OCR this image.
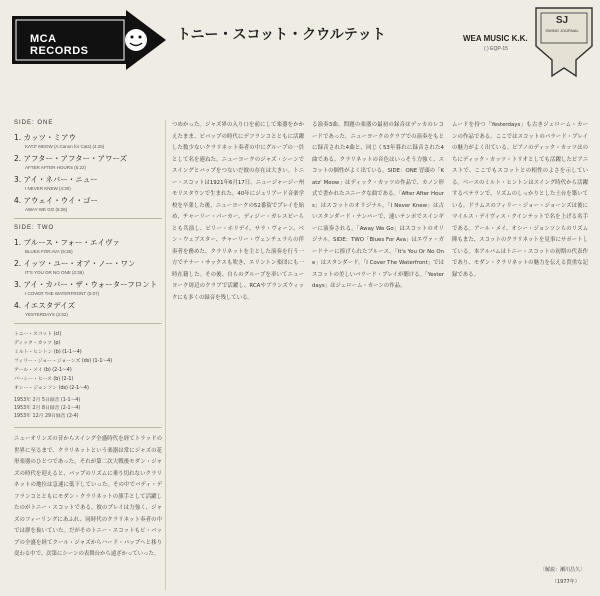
MCA RECORDS
トニー・スコット・クウルテット	WEA MUSIC K.K.
( ) EQP-15
SJ
SWING JOURNAL
SIDE: ONE
1. カッツ・ミアウ
KATZ' MEOW (A Canon for Cats) (4:25)
2. アフター・アフター・アワーズ
AFTER AFTER HOURS (5:22)
3. アイ・ネバー・ニュー
I NEVER KNEW (4:30)
4. アウェイ・ウイ・ゴー
AWAY WE GO (6:26)
SIDE: TWO
1. ブルース・フォー・エイヴァ
BLUES FOR AVA (5:35)
2. イッツ・ユー・オア・ノー・ワン
IT'S YOU OR NO ONE (2:36)
3. アイ・カバー・ザ・ウォーターフロント
I COVER THE WATERFRONT (5:07)
4. イエスタデイズ
YESTERDAYS (2:52)
トニー・スコット (cl)
ディック・カッツ (p)
ミルト・ヒントン (b) (1-1〜4)
フィリー・ジョー・ジョーンズ (ds) (1-1〜4)
アール・メイ (b) (2-1〜4)
バーシー・ヒース (b) (2-1)
オシー・ジョンソン (ds) (2-1〜4)
1953年 2月 5日録音 (1-1〜4)
1953年 2月 8日録音 (2-1〜4)
1953年 12月 29日録音 (2-4)
ニューオリンズの昔からスイング全盛時代を経てトラッドの世界に至るまで、クラリネットという楽器は常にジャズの花形楽器のひとつであった。それが第二次大戦後モダン・ジャズの時代を迎えると、バップのリズムに乗り切れないクラリネットの地位は急速に低下していった。その中でバディ・デフランコとともにモダン・クラリネットの旗手として活躍したのがトニー・スコットである。彼のプレイは力強く、ジャズのフィーリングにあふれ、同時代のクラリネット奏者の中では群を抜いていた。だがそのトニー・スコットもビ・バップの全盛を経てクール・ジャズからハード・バップへと移り変わる中で、次第にシーンの表舞台から遠ざかっていった。
つめかった。ジャズ界の入り口を前にして楽器をかかえたまま、ビバップの時代にデフランコとともに活躍した数少ないクラリネット奏者の中にグループの一員として名を連ねた。ニューヨークのジャズ・シーンでスイングとバップをつないだ彼の存在は大きい。トニー・スコットは1921年6月17日、ニュージャージー州モリスタウンで生まれた。40年にジュリアード音楽学校を卒業した後、ニューヨークの52番街でプレイを始め、チャーリー・パーカー、ディジー・ガレスピーらとも共演し、ビリー・ホリデイ、サラ・ヴォーン、ベン・ウェブスター、チャーリー・ヴェンチュラらの伴奏者を務めた。クラリネットを主とした演奏を行う一方でテナー・サックスも吹き、エリントン楽団にも一時在籍した。その後、自らのグループを率いてニューヨーク周辺のクラブで活躍し、RCAやブランズウィックにも多くの録音を残している。
る演奏3曲。問題の楽器の最初の録音はデッカのレコードであった。ニューヨークのクラブでの演奏をもとに録音された4曲と、同じく53年暮れに録音された4曲である。クラリネットの音色はいっそう力強く、スコットの個性がよく出ている。SIDE：ONE 冒頭の「Katz' Meow」はディック・カッツの作品で、カノン形式で書かれたユニークな曲である。「After After Hours」はスコットのオリジナル。「I Never Knew」は古いスタンダード・ナンバーで、速いテンポでスインギーに演奏される。「Away We Go」はスコットのオリジナル。SIDE：TWO「Blues For Ava」はエヴァ・ガードナーに捧げられたブルース。「It's You Or No One」はスタンダード。「I Cover The Waterfront」ではスコットの美しいバラード・プレイが聴ける。「Yesterdays」はジェローム・カーンの作品。
ムードを持つ「Yesterdays」も古きジェローム・カーンの作品である。ここではスコットのバラード・プレイの魅力がよく出ている。ピアノのディック・カッツはのちにディック・カッツ・トリオとしても活躍したピアニストで、ここでもスコットとの相性のよさを示している。ベースのミルト・ヒントンはスイング時代から活躍するベテランで、リズムのしっかりとした土台を築いている。ドラムスのフィリー・ジョー・ジョーンズは後にマイルス・デイヴィス・クインテットで名を上げる名手である。アール・メイ、オシー・ジョンソンらのリズム陣もまた、スコットのクラリネットを見事にサポートしている。本アルバムはトニー・スコットの初期の代表作であり、モダン・クラリネットの魅力を伝える貴重な記録である。
〔解説：瀬川昌久〕
（1977年）
